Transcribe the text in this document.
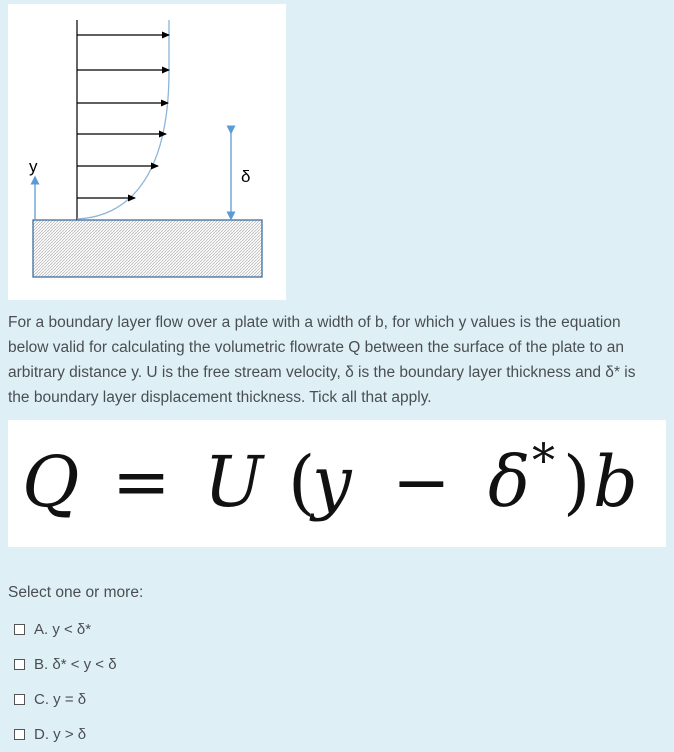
y
δ
For a boundary layer flow over a plate with a width of b, for which y values is the equation below valid for calculating the volumetric flowrate Q between the surface of the plate to an arbitrary distance y. U is the free stream velocity, δ is the boundary layer thickness and δ* is the boundary layer displacement thickness. Tick all that apply.
Q = U (
y − δ * ) b
Select one or more:
A. y < δ*
B. δ* < y < δ
C. y = δ
D. y > δ
